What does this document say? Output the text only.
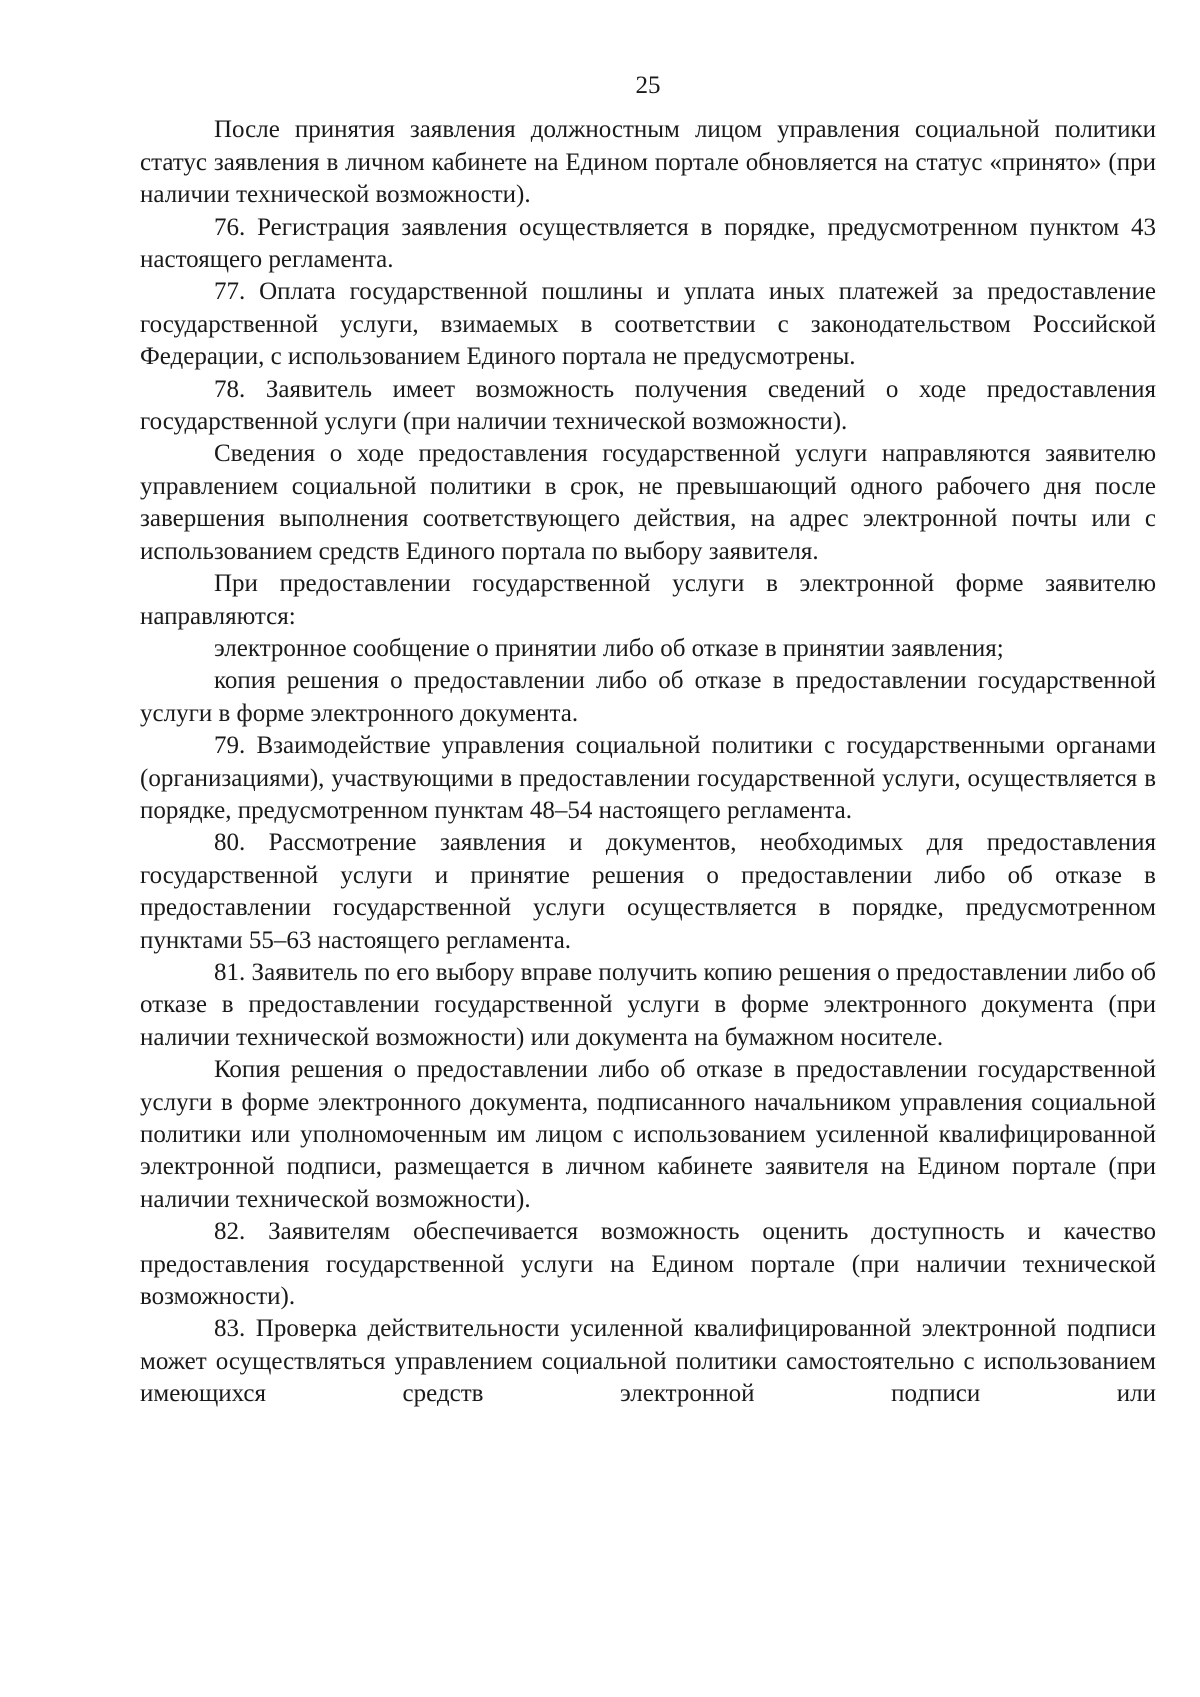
25

После принятия заявления должностным лицом управления социальной политики статус заявления в личном кабинете на Едином портале обновляется на статус «принято» (при наличии технической возможности).

76. Регистрация заявления осуществляется в порядке, предусмотренном пунктом 43 настоящего регламента.

77. Оплата государственной пошлины и уплата иных платежей за предоставление государственной услуги, взимаемых в соответствии с законодательством Российской Федерации, с использованием Единого портала не предусмотрены.

78. Заявитель имеет возможность получения сведений о ходе предоставления государственной услуги (при наличии технической возможности).

Сведения о ходе предоставления государственной услуги направляются заявителю управлением социальной политики в срок, не превышающий одного рабочего дня после завершения выполнения соответствующего действия, на адрес электронной почты или с использованием средств Единого портала по выбору заявителя.

При предоставлении государственной услуги в электронной форме заявителю направляются:

электронное сообщение о принятии либо об отказе в принятии заявления;

копия решения о предоставлении либо об отказе в предоставлении государственной услуги в форме электронного документа.

79. Взаимодействие управления социальной политики с государственными органами (организациями), участвующими в предоставлении государственной услуги, осуществляется в порядке, предусмотренном пунктам 48–54 настоящего регламента.

80. Рассмотрение заявления и документов, необходимых для предоставления государственной услуги и принятие решения о предоставлении либо об отказе в предоставлении государственной услуги осуществляется в порядке, предусмотренном пунктами 55–63 настоящего регламента.

81. Заявитель по его выбору вправе получить копию решения о предоставлении либо об отказе в предоставлении государственной услуги в форме электронного документа (при наличии технической возможности) или документа на бумажном носителе.

Копия решения о предоставлении либо об отказе в предоставлении государственной услуги в форме электронного документа, подписанного начальником управления социальной политики или уполномоченным им лицом с использованием усиленной квалифицированной электронной подписи, размещается в личном кабинете заявителя на Едином портале (при наличии технической возможности).

82. Заявителям обеспечивается возможность оценить доступность и качество предоставления государственной услуги на Едином портале (при наличии технической возможности).

83. Проверка действительности усиленной квалифицированной электронной подписи может осуществляться управлением социальной политики самостоятельно с использованием имеющихся средств электронной подписи или
